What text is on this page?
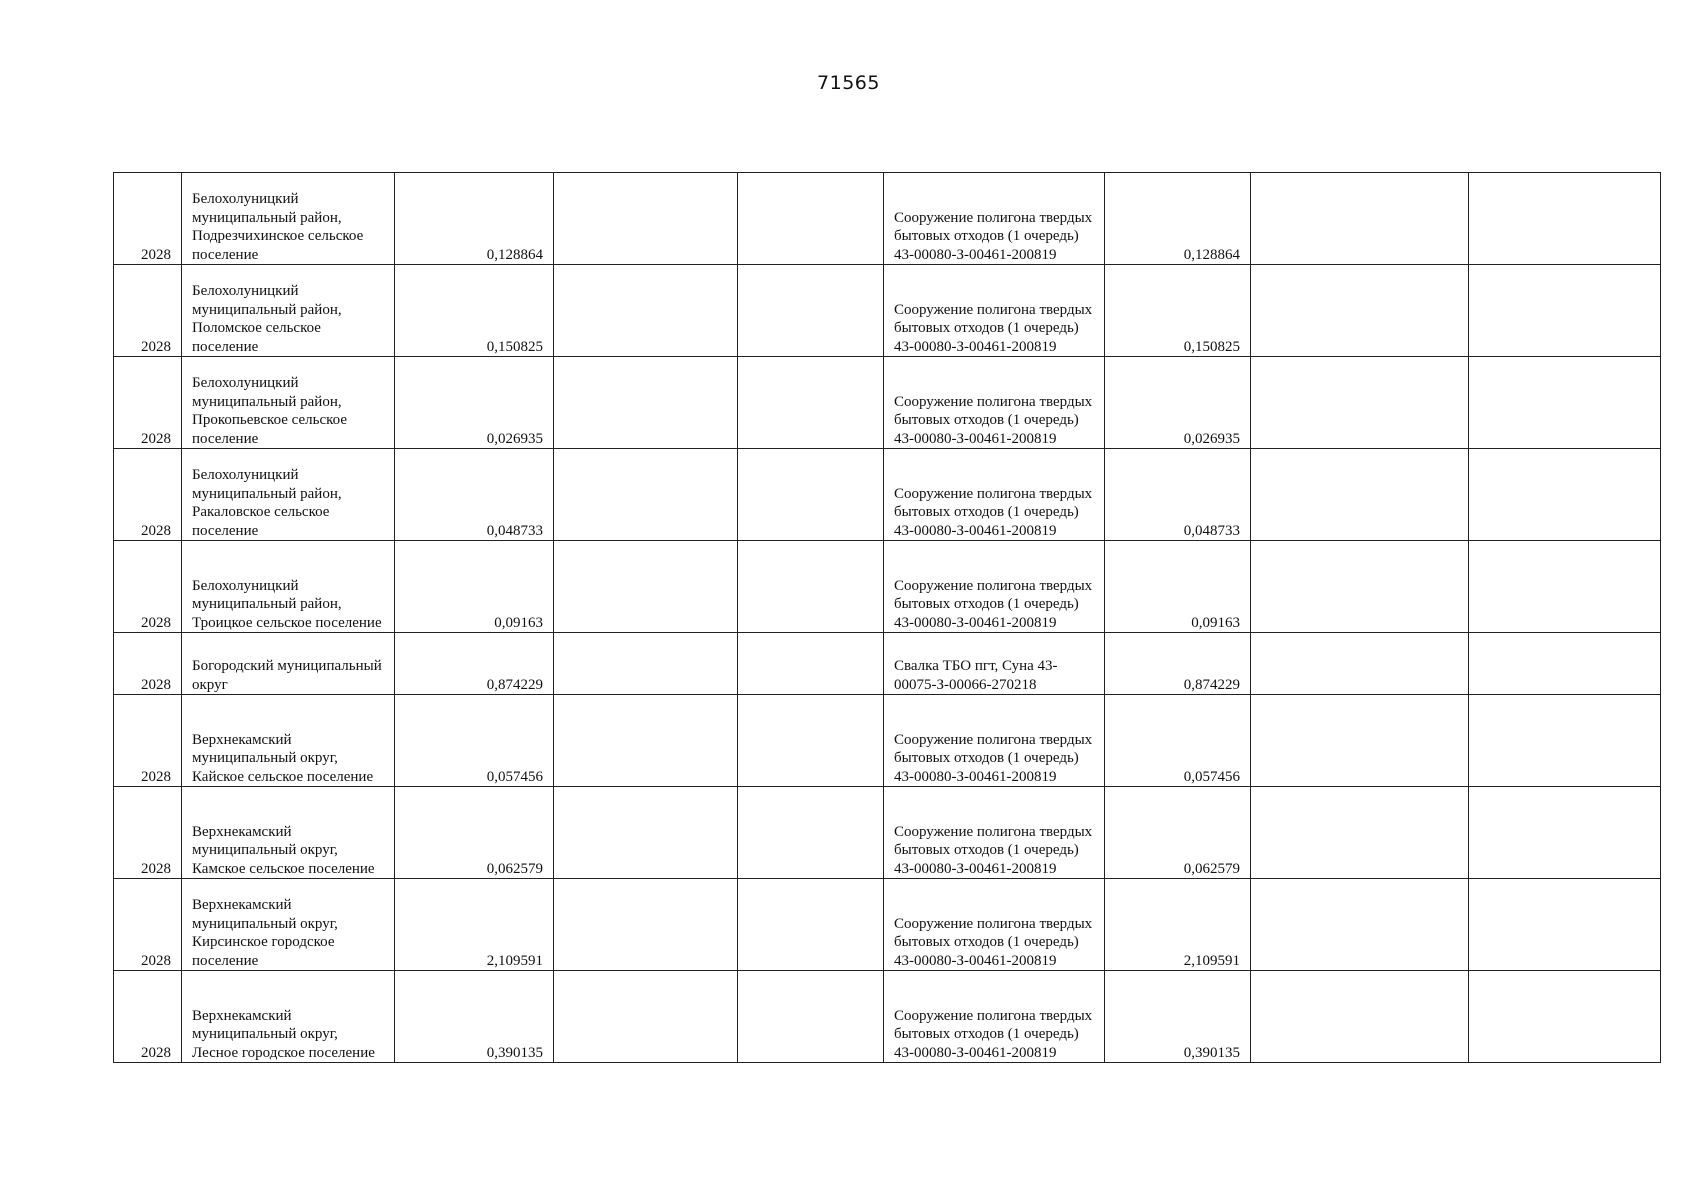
71565
2028	Белохолуницкий муниципальный район, Подрезчихинское сельское поселение	0,128864			Сооружение полигона твердых бытовых отходов (1 очередь) 43-00080-З-00461-200819	0,128864		
2028	Белохолуницкий муниципальный район, Поломское сельское поселение	0,150825			Сооружение полигона твердых бытовых отходов (1 очередь) 43-00080-З-00461-200819	0,150825		
2028	Белохолуницкий муниципальный район, Прокопьевское сельское поселение	0,026935			Сооружение полигона твердых бытовых отходов (1 очередь) 43-00080-З-00461-200819	0,026935		
2028	Белохолуницкий муниципальный район, Ракаловское сельское поселение	0,048733			Сооружение полигона твердых бытовых отходов (1 очередь) 43-00080-З-00461-200819	0,048733		
2028	Белохолуницкий муниципальный район, Троицкое сельское поселение	0,09163			Сооружение полигона твердых бытовых отходов (1 очередь) 43-00080-З-00461-200819	0,09163		
2028	Богородский муниципальный округ	0,874229			Свалка ТБО пгт, Суна 43-00075-З-00066-270218	0,874229		
2028	Верхнекамский муниципальный округ, Кайское сельское поселение	0,057456			Сооружение полигона твердых бытовых отходов (1 очередь) 43-00080-З-00461-200819	0,057456		
2028	Верхнекамский муниципальный округ, Камское сельское поселение	0,062579			Сооружение полигона твердых бытовых отходов (1 очередь) 43-00080-З-00461-200819	0,062579		
2028	Верхнекамский муниципальный округ, Кирсинское городское поселение	2,109591			Сооружение полигона твердых бытовых отходов (1 очередь) 43-00080-З-00461-200819	2,109591		
2028	Верхнекамский муниципальный округ, Лесное городское поселение	0,390135			Сооружение полигона твердых бытовых отходов (1 очередь) 43-00080-З-00461-200819	0,390135		
